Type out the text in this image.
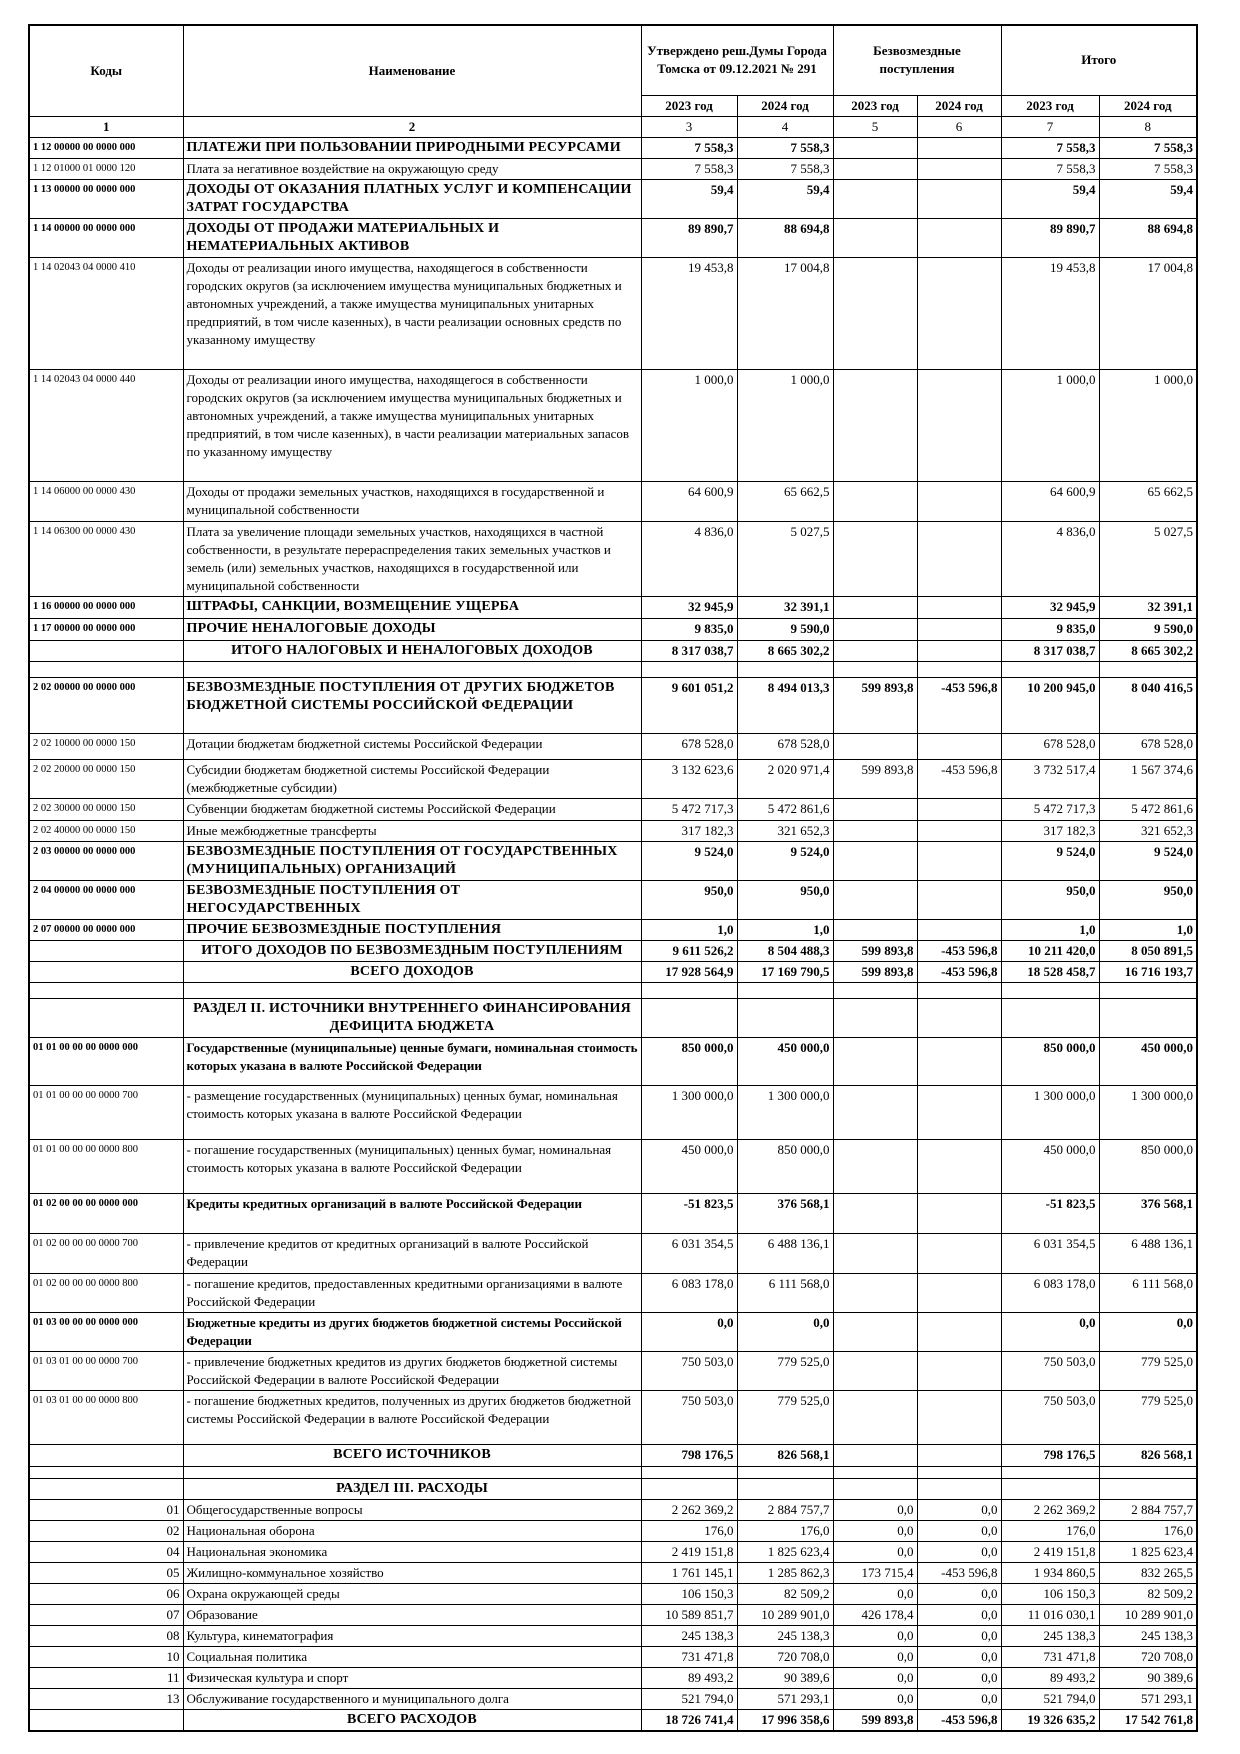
Коды	Наименование	Утверждено реш.Думы Города Томска от 09.12.2021 № 291		Безвозмездные поступления		Итого	
		2023 год	2024 год	2023 год	2024 год	2023 год	2024 год
1	2	3	4	5	6	7	8
1 12 00000 00 0000 000	ПЛАТЕЖИ ПРИ ПОЛЬЗОВАНИИ ПРИРОДНЫМИ РЕСУРСАМИ	7 558,3	7 558,3			7 558,3	7 558,3
1 12 01000 01 0000 120	Плата за негативное воздействие на окружающую среду	7 558,3	7 558,3			7 558,3	7 558,3
1 13 00000 00 0000 000	ДОХОДЫ ОТ ОКАЗАНИЯ ПЛАТНЫХ УСЛУГ И КОМПЕНСАЦИИ ЗАТРАТ ГОСУДАРСТВА	59,4	59,4			59,4	59,4
1 14 00000 00 0000 000	ДОХОДЫ ОТ ПРОДАЖИ МАТЕРИАЛЬНЫХ И НЕМАТЕРИАЛЬНЫХ АКТИВОВ	89 890,7	88 694,8			89 890,7	88 694,8
1 14 02043 04 0000 410	Доходы от реализации иного имущества, находящегося в собственности городских округов (за исключением имущества муниципальных бюджетных и автономных учреждений, а также имущества муниципальных унитарных предприятий, в том числе казенных), в части реализации основных средств по указанному имуществу	19 453,8	17 004,8			19 453,8	17 004,8
1 14 02043 04 0000 440	Доходы от реализации иного имущества, находящегося в собственности городских округов (за исключением имущества муниципальных бюджетных и автономных учреждений, а также имущества муниципальных унитарных предприятий, в том числе казенных), в части реализации материальных запасов по указанному имуществу	1 000,0	1 000,0			1 000,0	1 000,0
1 14 06000 00 0000 430	Доходы от продажи земельных участков, находящихся в государственной и муниципальной собственности	64 600,9	65 662,5			64 600,9	65 662,5
1 14 06300 00 0000 430	Плата за увеличение площади земельных участков, находящихся в частной собственности, в результате перераспределения таких земельных участков и земель (или) земельных участков, находящихся в государственной или муниципальной собственности	4 836,0	5 027,5			4 836,0	5 027,5
1 16 00000 00 0000 000	ШТРАФЫ, САНКЦИИ, ВОЗМЕЩЕНИЕ УЩЕРБА	32 945,9	32 391,1			32 945,9	32 391,1
1 17 00000 00 0000 000	ПРОЧИЕ НЕНАЛОГОВЫЕ ДОХОДЫ	9 835,0	9 590,0			9 835,0	9 590,0
	ИТОГО НАЛОГОВЫХ И НЕНАЛОГОВЫХ ДОХОДОВ	8 317 038,7	8 665 302,2			8 317 038,7	8 665 302,2

2 02 00000 00 0000 000	БЕЗВОЗМЕЗДНЫЕ ПОСТУПЛЕНИЯ ОТ ДРУГИХ БЮДЖЕТОВ БЮДЖЕТНОЙ СИСТЕМЫ РОССИЙСКОЙ ФЕДЕРАЦИИ	9 601 051,2	8 494 013,3	599 893,8	-453 596,8	10 200 945,0	8 040 416,5
2 02 10000 00 0000 150	Дотации бюджетам бюджетной системы Российской Федерации	678 528,0	678 528,0			678 528,0	678 528,0
2 02 20000 00 0000 150	Субсидии бюджетам бюджетной системы Российской Федерации (межбюджетные субсидии)	3 132 623,6	2 020 971,4	599 893,8	-453 596,8	3 732 517,4	1 567 374,6
2 02 30000 00 0000 150	Субвенции бюджетам бюджетной системы Российской Федерации	5 472 717,3	5 472 861,6			5 472 717,3	5 472 861,6
2 02 40000 00 0000 150	Иные межбюджетные трансферты	317 182,3	321 652,3			317 182,3	321 652,3
2 03 00000 00 0000 000	БЕЗВОЗМЕЗДНЫЕ ПОСТУПЛЕНИЯ ОТ ГОСУДАРСТВЕННЫХ (МУНИЦИПАЛЬНЫХ) ОРГАНИЗАЦИЙ	9 524,0	9 524,0			9 524,0	9 524,0
2 04 00000 00 0000 000	БЕЗВОЗМЕЗДНЫЕ ПОСТУПЛЕНИЯ ОТ НЕГОСУДАРСТВЕННЫХ	950,0	950,0			950,0	950,0
2 07 00000 00 0000 000	ПРОЧИЕ БЕЗВОЗМЕЗДНЫЕ ПОСТУПЛЕНИЯ	1,0	1,0			1,0	1,0
	ИТОГО ДОХОДОВ ПО БЕЗВОЗМЕЗДНЫМ ПОСТУПЛЕНИЯМ	9 611 526,2	8 504 488,3	599 893,8	-453 596,8	10 211 420,0	8 050 891,5
	ВСЕГО ДОХОДОВ	17 928 564,9	17 169 790,5	599 893,8	-453 596,8	18 528 458,7	16 716 193,7

	РАЗДЕЛ II. ИСТОЧНИКИ ВНУТРЕННЕГО ФИНАНСИРОВАНИЯ ДЕФИЦИТА БЮДЖЕТА						
01 01 00 00 00 0000 000	Государственные (муниципальные) ценные бумаги, номинальная стоимость которых указана в валюте Российской Федерации	850 000,0	450 000,0			850 000,0	450 000,0
01 01 00 00 00 0000 700	- размещение государственных (муниципальных) ценных бумаг, номинальная стоимость которых указана в валюте Российской Федерации	1 300 000,0	1 300 000,0			1 300 000,0	1 300 000,0
01 01 00 00 00 0000 800	- погашение государственных (муниципальных) ценных бумаг, номинальная стоимость которых указана в валюте Российской Федерации	450 000,0	850 000,0			450 000,0	850 000,0
01 02 00 00 00 0000 000	Кредиты кредитных организаций в валюте Российской Федерации	-51 823,5	376 568,1			-51 823,5	376 568,1
01 02 00 00 00 0000 700	- привлечение кредитов от кредитных организаций в валюте Российской Федерации	6 031 354,5	6 488 136,1			6 031 354,5	6 488 136,1
01 02 00 00 00 0000 800	- погашение кредитов, предоставленных кредитными организациями в валюте Российской Федерации	6 083 178,0	6 111 568,0			6 083 178,0	6 111 568,0
01 03 00 00 00 0000 000	Бюджетные кредиты из других бюджетов бюджетной системы Российской Федерации	0,0	0,0			0,0	0,0
01 03 01 00 00 0000 700	- привлечение бюджетных кредитов из других бюджетов бюджетной системы Российской Федерации в валюте Российской Федерации	750 503,0	779 525,0			750 503,0	779 525,0
01 03 01 00 00 0000 800	- погашение бюджетных кредитов, полученных из других бюджетов бюджетной системы Российской Федерации в валюте Российской Федерации	750 503,0	779 525,0			750 503,0	779 525,0
	ВСЕГО ИСТОЧНИКОВ	798 176,5	826 568,1			798 176,5	826 568,1

	РАЗДЕЛ III. РАСХОДЫ						
01	Общегосударственные вопросы	2 262 369,2	2 884 757,7	0,0	0,0	2 262 369,2	2 884 757,7
02	Национальная оборона	176,0	176,0	0,0	0,0	176,0	176,0
04	Национальная экономика	2 419 151,8	1 825 623,4	0,0	0,0	2 419 151,8	1 825 623,4
05	Жилищно-коммунальное хозяйство	1 761 145,1	1 285 862,3	173 715,4	-453 596,8	1 934 860,5	832 265,5
06	Охрана окружающей среды	106 150,3	82 509,2	0,0	0,0	106 150,3	82 509,2
07	Образование	10 589 851,7	10 289 901,0	426 178,4	0,0	11 016 030,1	10 289 901,0
08	Культура, кинематография	245 138,3	245 138,3	0,0	0,0	245 138,3	245 138,3
10	Социальная политика	731 471,8	720 708,0	0,0	0,0	731 471,8	720 708,0
11	Физическая культура и спорт	89 493,2	90 389,6	0,0	0,0	89 493,2	90 389,6
13	Обслуживание государственного и муниципального долга	521 794,0	571 293,1	0,0	0,0	521 794,0	571 293,1
	ВСЕГО РАСХОДОВ	18 726 741,4	17 996 358,6	599 893,8	-453 596,8	19 326 635,2	17 542 761,8
